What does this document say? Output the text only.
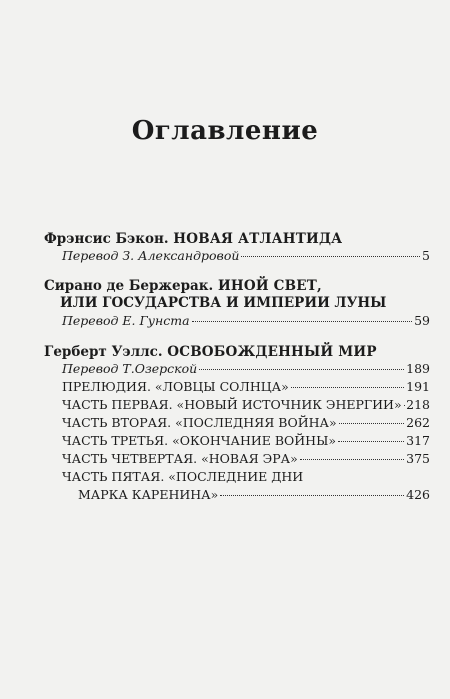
Оглавление
Фрэнсис Бэкон. НОВАЯ АТЛАНТИДА
Перевод З. Александровой	5
Сирано де Бержерак. ИНОЙ СВЕТ,
ИЛИ ГОСУДАРСТВА И ИМПЕРИИ ЛУНЫ
Перевод Е. Гунста	59
Герберт Уэллс. ОСВОБОЖДЕННЫЙ МИР
Перевод Т.Озерской	189
ПРЕЛЮДИЯ. «ЛОВЦЫ СОЛНЦА»	191
ЧАСТЬ ПЕРВАЯ. «НОВЫЙ ИСТОЧНИК ЭНЕРГИИ» 218
ЧАСТЬ ВТОРАЯ. «ПОСЛЕДНЯЯ ВОЙНА»	262
ЧАСТЬ ТРЕТЬЯ. «ОКОНЧАНИЕ ВОЙНЫ»	317
ЧАСТЬ ЧЕТВЕРТАЯ. «НОВАЯ ЭРА»	375
ЧАСТЬ ПЯТАЯ. «ПОСЛЕДНИЕ ДНИ
МАРКА КАРЕНИНА»	426
